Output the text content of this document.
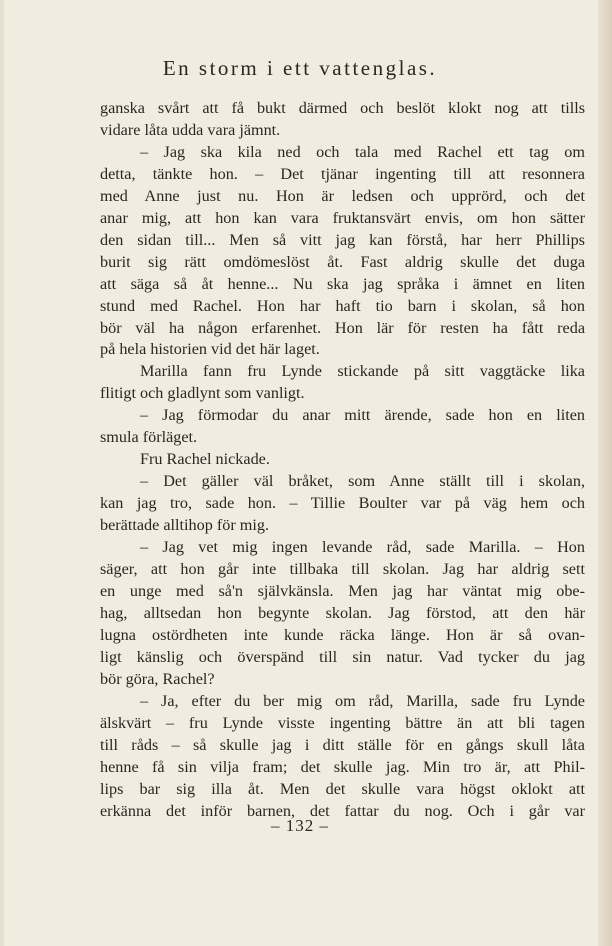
En storm i ett vattenglas.
ganska svårt att få bukt därmed och beslöt klokt nog att tills
vidare låta udda vara jämnt.
– Jag ska kila ned och tala med Rachel ett tag om
detta, tänkte hon. – Det tjänar ingenting till att resonnera
med Anne just nu. Hon är ledsen och upprörd, och det
anar mig, att hon kan vara fruktansvärt envis, om hon sätter
den sidan till... Men så vitt jag kan förstå, har herr Phillips
burit sig rätt omdömeslöst åt. Fast aldrig skulle det duga
att säga så åt henne... Nu ska jag språka i ämnet en liten
stund med Rachel. Hon har haft tio barn i skolan, så hon
bör väl ha någon erfarenhet. Hon lär för resten ha fått reda
på hela historien vid det här laget.
Marilla fann fru Lynde stickande på sitt vaggtäcke lika
flitigt och gladlynt som vanligt.
– Jag förmodar du anar mitt ärende, sade hon en liten
smula förläget.
Fru Rachel nickade.
– Det gäller väl bråket, som Anne ställt till i skolan,
kan jag tro, sade hon. – Tillie Boulter var på väg hem och
berättade alltihop för mig.
– Jag vet mig ingen levande råd, sade Marilla. – Hon
säger, att hon går inte tillbaka till skolan. Jag har aldrig sett
en unge med så'n självkänsla. Men jag har väntat mig obe-
hag, alltsedan hon begynte skolan. Jag förstod, att den här
lugna ostördheten inte kunde räcka länge. Hon är så ovan-
ligt känslig och överspänd till sin natur. Vad tycker du jag
bör göra, Rachel?
– Ja, efter du ber mig om råd, Marilla, sade fru Lynde
älskvärt – fru Lynde visste ingenting bättre än att bli tagen
till råds – så skulle jag i ditt ställe för en gångs skull låta
henne få sin vilja fram; det skulle jag. Min tro är, att Phil-
lips bar sig illa åt. Men det skulle vara högst oklokt att
erkänna det inför barnen, det fattar du nog. Och i går var
– 132 –
